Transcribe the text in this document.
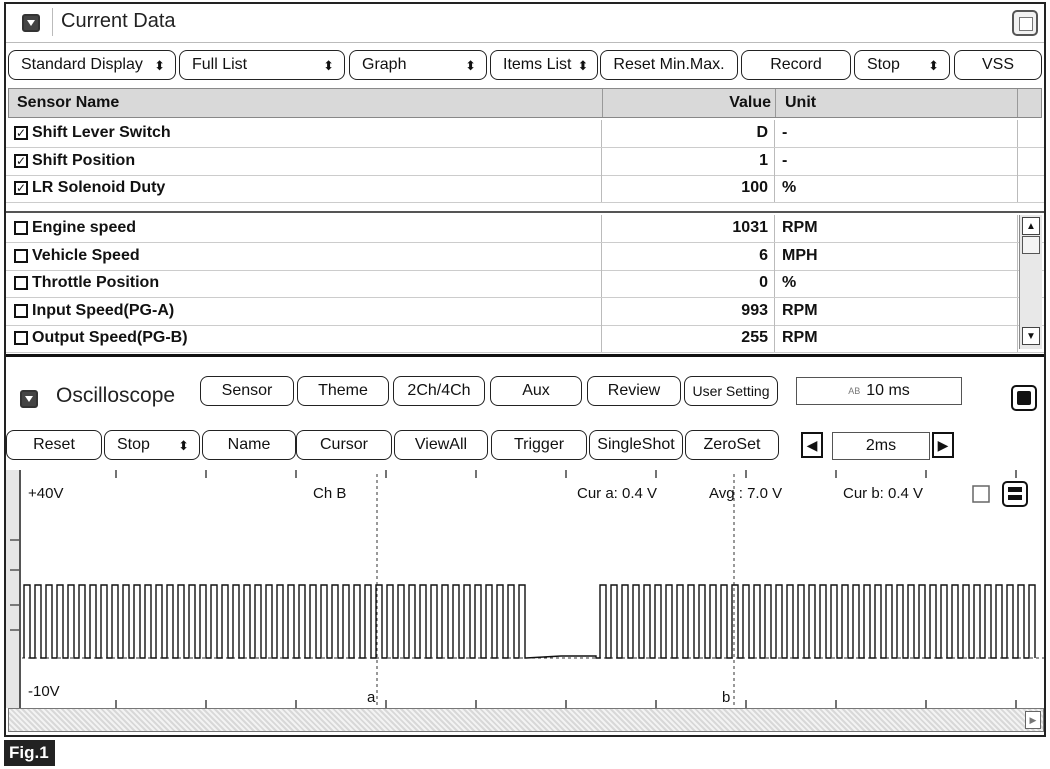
Current Data
Standard Display ⬍ Full List	⬍ Graph	⬍ Items List ⬍ Reset Min.Max.	Record	Stop ⬍	VSS
Sensor Name	Value Unit
✓ Shift Lever Switch	D -
✓ Shift Position	1 -
✓ LR Solenoid Duty	100 %
Engine speed	1031 RPM
Vehicle Speed	6 MPH
Throttle Position	0 %
Input Speed(PG-A)	993 RPM
Output Speed(PG-B)	255 RPM
▲
▼
Oscilloscope	Sensor	Theme 2Ch/4Ch	Aux	Review User Setting	AB 10 ms
Reset	Stop ⬍ Name	Cursor	ViewAll	Trigger SingleShot ZeroSet	◀	2ms	▶
+40V
-10V
Ch B	Cur a: 0.4 V	Avg : 7.0 V	Cur b: 0.4 V
a	b
▶
Fig.1
